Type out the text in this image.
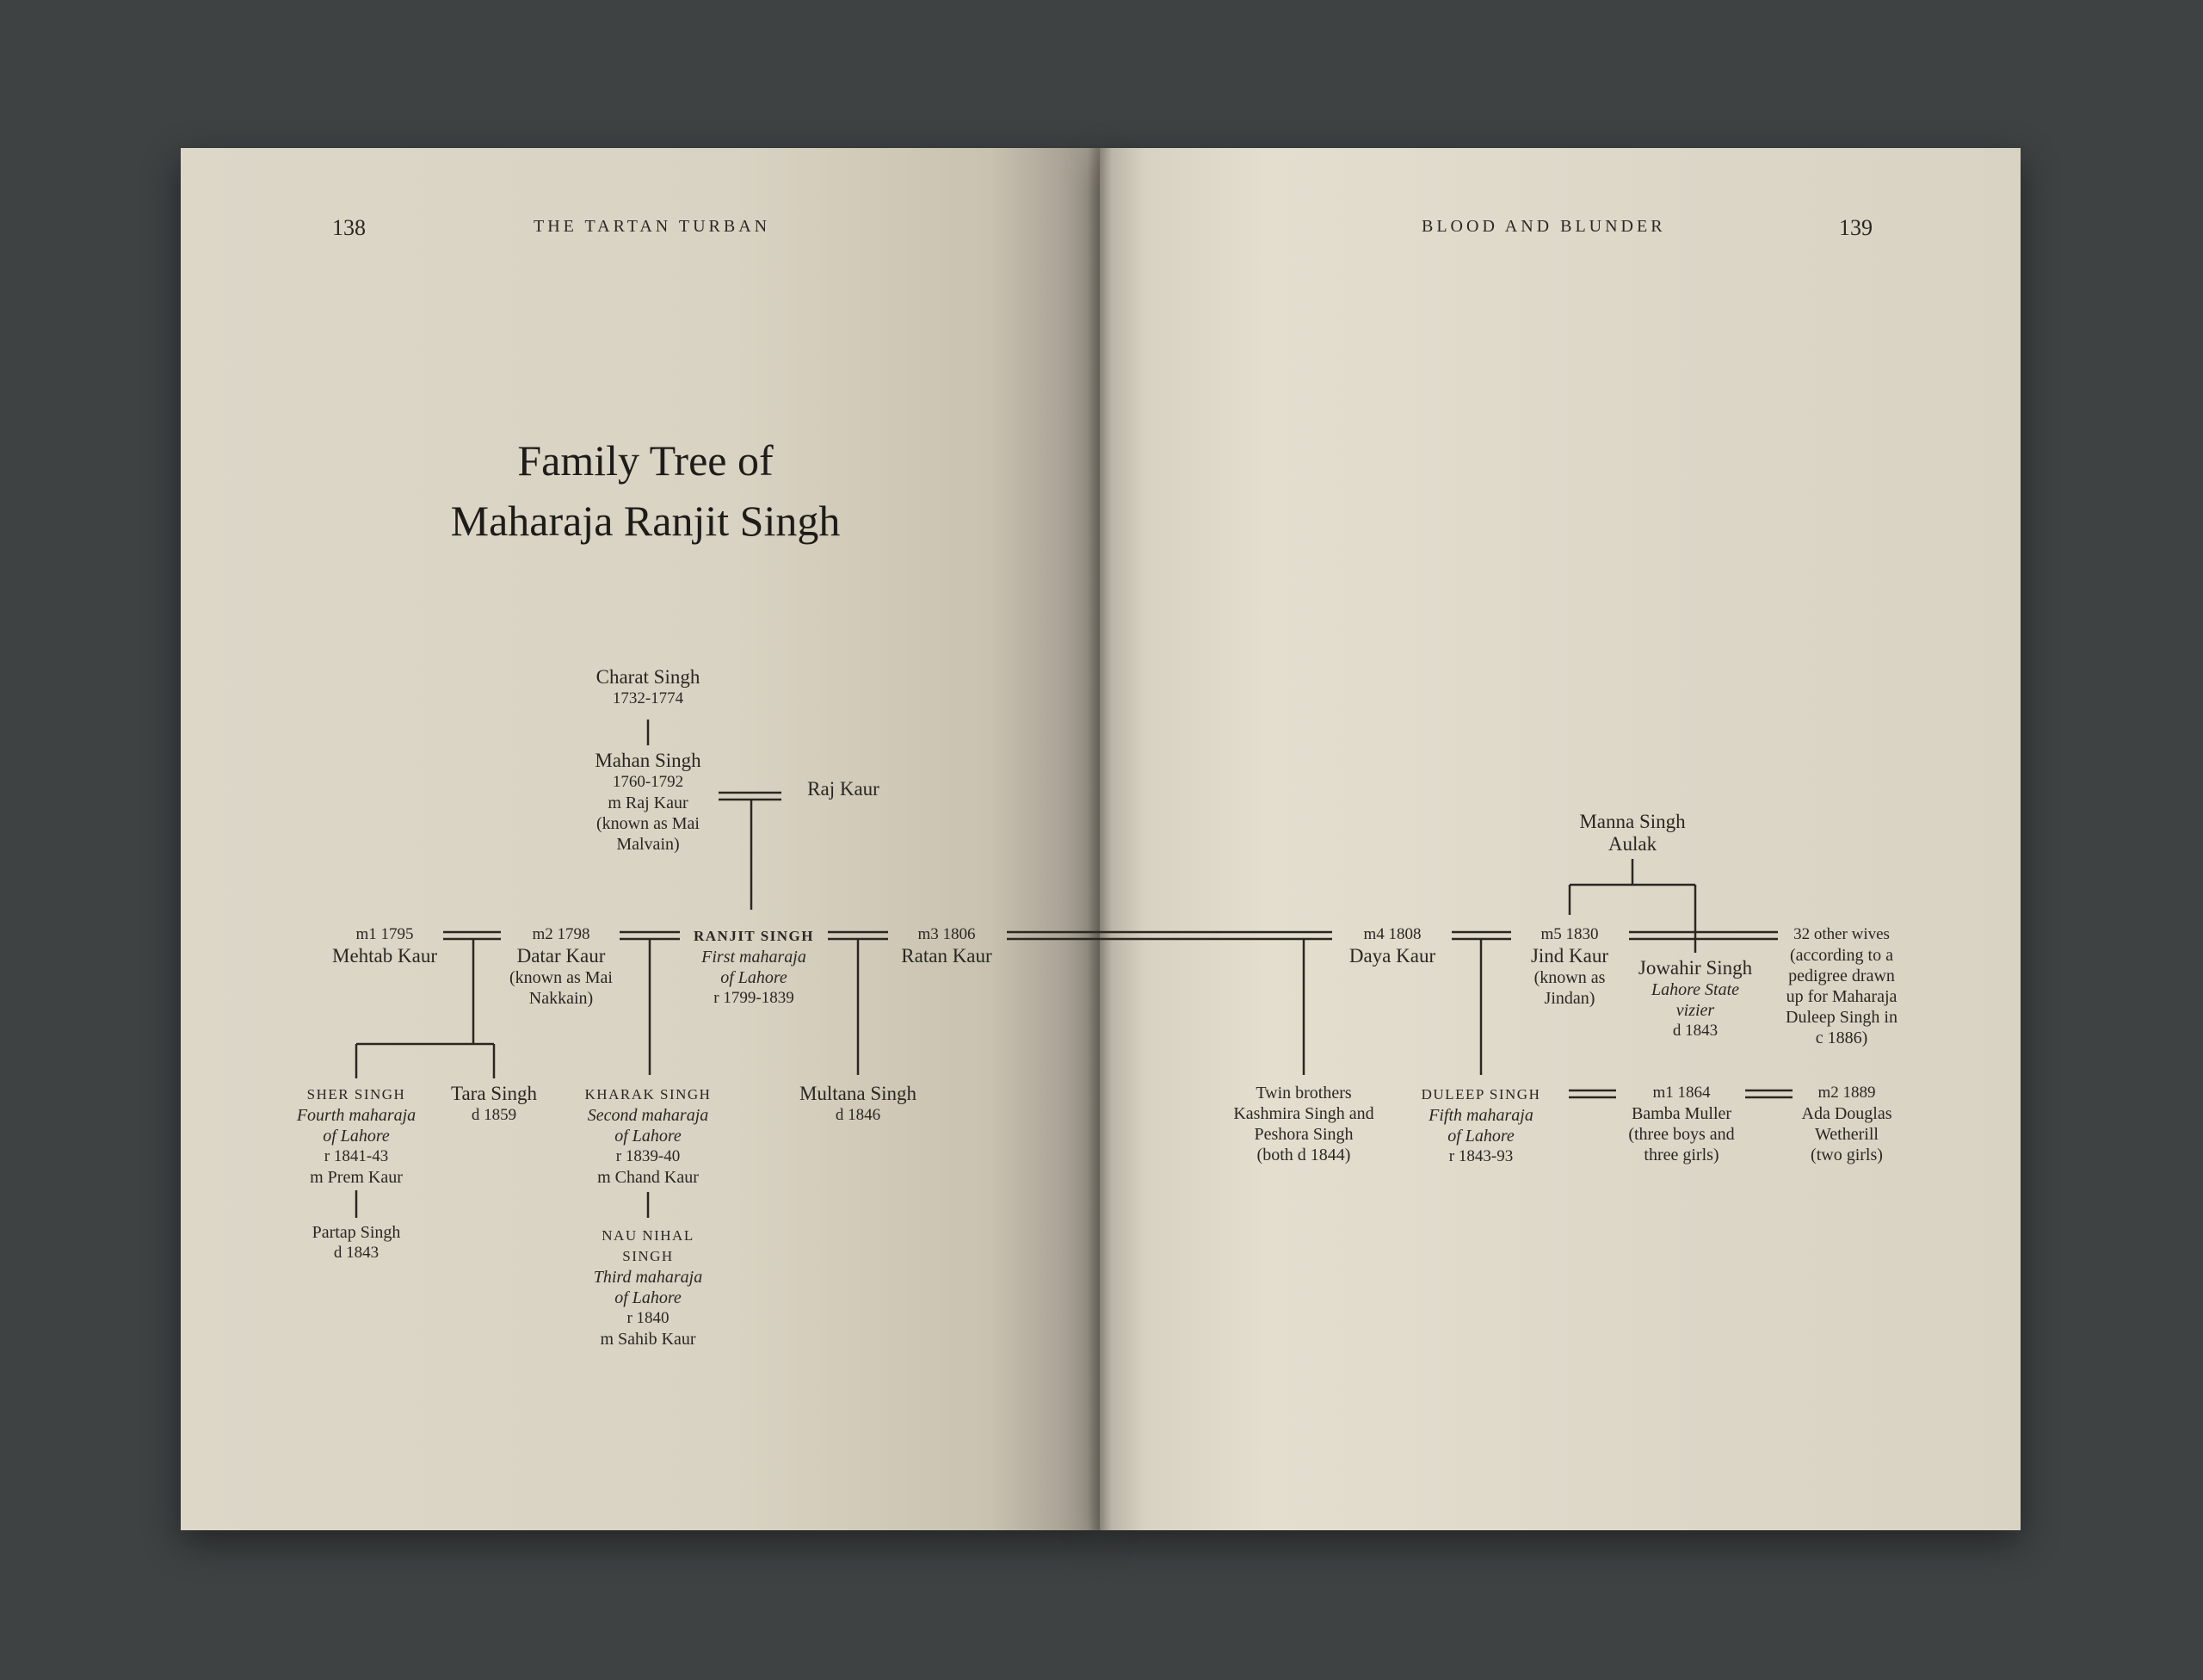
138	THE TARTAN TURBAN	BLOOD AND BLUNDER	139
Family Tree of
Maharaja Ranjit Singh
Charat Singh
1732-1774
Mahan Singh
1760-1792
m Raj Kaur
(known as Mai
Malvain)
Raj Kaur
m1 1795
Mehtab Kaur
m2 1798
Datar Kaur
(known as Mai
Nakkain)
RANJIT SINGH
First maharaja
of Lahore
r 1799-1839
m3 1806
Ratan Kaur
m4 1808
Daya Kaur
m5 1830
Jind Kaur
(known as
Jindan)
Manna Singh
Aulak
Jowahir Singh
Lahore State
vizier
d 1843
32 other wives
(according to a
pedigree drawn
up for Maharaja
Duleep Singh in
c 1886)
SHER SINGH
Fourth maharaja
of Lahore
r 1841-43
m Prem Kaur
Tara Singh
d 1859
Partap Singh
d 1843
KHARAK SINGH
Second maharaja
of Lahore
r 1839-40
m Chand Kaur
NAU NIHAL
SINGH
Third maharaja
of Lahore
r 1840
m Sahib Kaur
Multana Singh
d 1846
Twin brothers
Kashmira Singh and
Peshora Singh
(both d 1844)
DULEEP SINGH
Fifth maharaja
of Lahore
r 1843-93
m1 1864
Bamba Muller
(three boys and
three girls)
m2 1889
Ada Douglas
Wetherill
(two girls)
